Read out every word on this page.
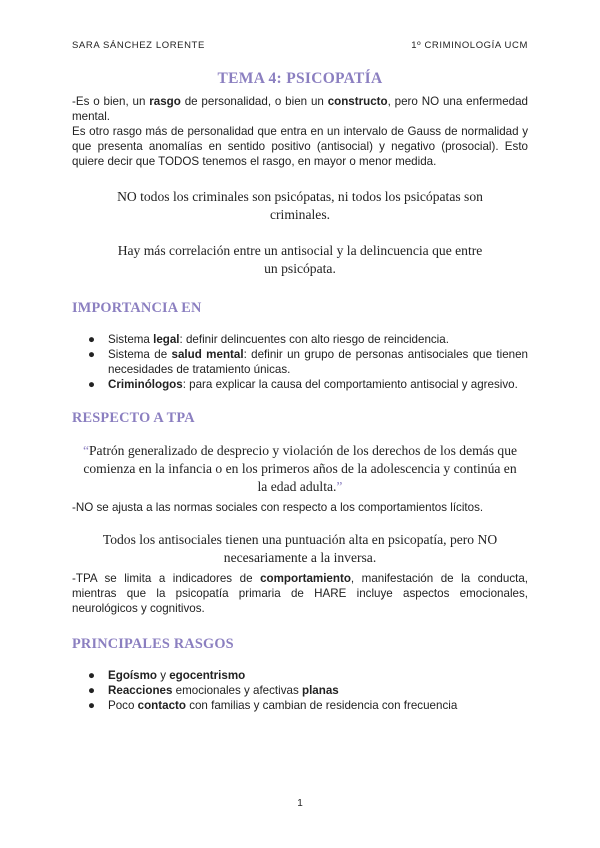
SARA SÁNCHEZ LORENTE	1º CRIMINOLOGÍA UCM
TEMA 4: PSICOPATÍA

-Es o bien, un rasgo de personalidad, o bien un constructo, pero NO una enfermedad mental.

Es otro rasgo más de personalidad que entra en un intervalo de Gauss de normalidad y que presenta anomalías en sentido positivo (antisocial) y negativo (prosocial). Esto quiere decir que TODOS tenemos el rasgo, en mayor o menor medida.

NO todos los criminales son psicópatas, ni todos los psicópatas son criminales.

Hay más correlación entre un antisocial y la delincuencia que entre un psicópata.

IMPORTANCIA EN
● Sistema legal: definir delincuentes con alto riesgo de reincidencia.
● Sistema de salud mental: definir un grupo de personas antisociales que tienen necesidades de tratamiento únicas.
● Criminólogos: para explicar la causa del comportamiento antisocial y agresivo.
RESPECTO A TPA

“Patrón generalizado de desprecio y violación de los derechos de los demás que comienza en la infancia o en los primeros años de la adolescencia y continúa en la edad adulta.”

-NO se ajusta a las normas sociales con respecto a los comportamientos lícitos.

Todos los antisociales tienen una puntuación alta en psicopatía, pero NO necesariamente a la inversa.

-TPA se limita a indicadores de comportamiento, manifestación de la conducta, mientras que la psicopatía primaria de HARE incluye aspectos emocionales, neurológicos y cognitivos.

PRINCIPALES RASGOS
● Egoísmo y egocentrismo
● Reacciones emocionales y afectivas planas
● Poco contacto con familias y cambian de residencia con frecuencia
1
